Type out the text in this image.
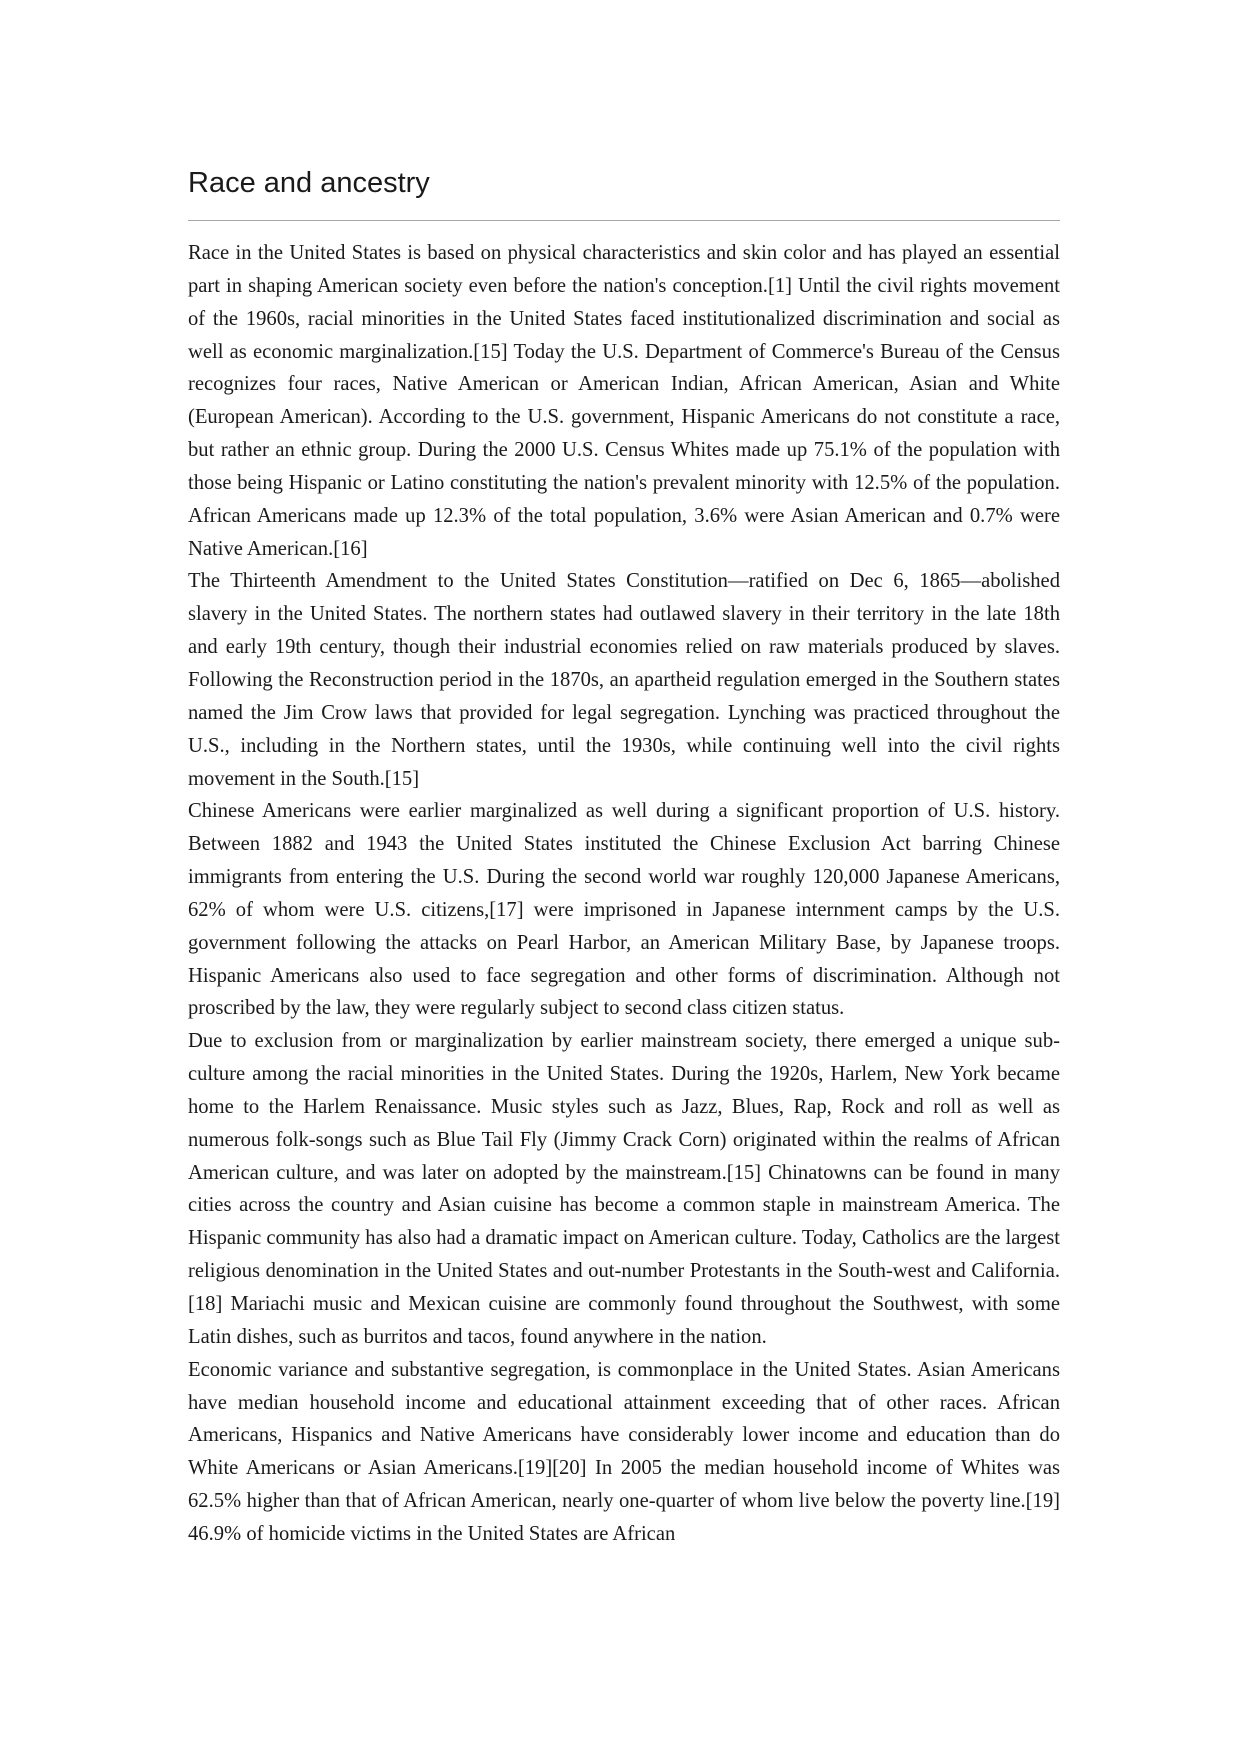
Race and ancestry

Race in the United States is based on physical characteristics and skin color and has played an essential part in shaping American society even before the nation's conception.[1] Until the civil rights movement of the 1960s, racial minorities in the United States faced institutionalized discrimination and social as well as economic marginalization.[15] Today the U.S. Department of Commerce's Bureau of the Census recognizes four races, Native American or American Indian, African American, Asian and White (European American). According to the U.S. government, Hispanic Americans do not constitute a race, but rather an ethnic group. During the 2000 U.S. Census Whites made up 75.1% of the population with those being Hispanic or Latino constituting the nation's prevalent minority with 12.5% of the population. African Americans made up 12.3% of the total population, 3.6% were Asian American and 0.7% were Native American.[16]

The Thirteenth Amendment to the United States Constitution—ratified on Dec 6, 1865—abolished slavery in the United States. The northern states had outlawed slavery in their territory in the late 18th and early 19th century, though their industrial economies relied on raw materials produced by slaves. Following the Reconstruction period in the 1870s, an apartheid regulation emerged in the Southern states named the Jim Crow laws that provided for legal segregation. Lynching was practiced throughout the U.S., including in the Northern states, until the 1930s, while continuing well into the civil rights movement in the South.[15]

Chinese Americans were earlier marginalized as well during a significant proportion of U.S. history. Between 1882 and 1943 the United States instituted the Chinese Exclusion Act barring Chinese immigrants from entering the U.S. During the second world war roughly 120,000 Japanese Americans, 62% of whom were U.S. citizens,[17] were imprisoned in Japanese internment camps by the U.S. government following the attacks on Pearl Harbor, an American Military Base, by Japanese troops. Hispanic Americans also used to face segregation and other forms of discrimination. Although not proscribed by the law, they were regularly subject to second class citizen status.

Due to exclusion from or marginalization by earlier mainstream society, there emerged a unique sub-culture among the racial minorities in the United States. During the 1920s, Harlem, New York became home to the Harlem Renaissance. Music styles such as Jazz, Blues, Rap, Rock and roll as well as numerous folk-songs such as Blue Tail Fly (Jimmy Crack Corn) originated within the realms of African American culture, and was later on adopted by the mainstream.[15] Chinatowns can be found in many cities across the country and Asian cuisine has become a common staple in mainstream America. The Hispanic community has also had a dramatic impact on American culture. Today, Catholics are the largest religious denomination in the United States and out-number Protestants in the South-west and California.[18] Mariachi music and Mexican cuisine are commonly found throughout the Southwest, with some Latin dishes, such as burritos and tacos, found anywhere in the nation.

Economic variance and substantive segregation, is commonplace in the United States. Asian Americans have median household income and educational attainment exceeding that of other races. African Americans, Hispanics and Native Americans have considerably lower income and education than do White Americans or Asian Americans.[19][20] In 2005 the median household income of Whites was 62.5% higher than that of African American, nearly one-quarter of whom live below the poverty line.[19] 46.9% of homicide victims in the United States are African
